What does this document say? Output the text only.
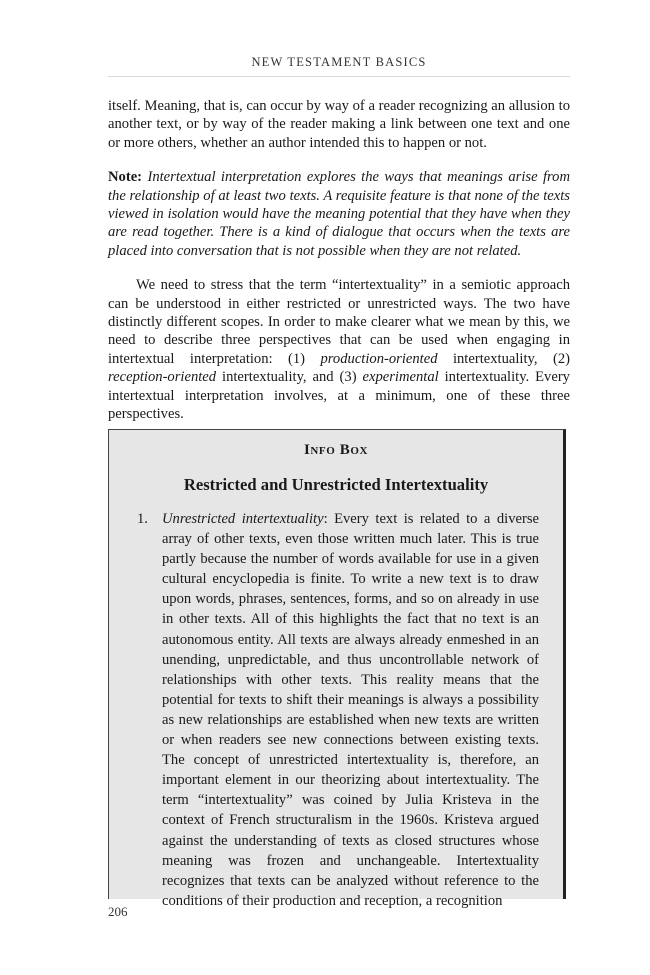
NEW TESTAMENT BASICS

itself. Meaning, that is, can occur by way of a reader recognizing an allusion to another text, or by way of the reader making a link between one text and one or more others, whether an author intended this to happen or not.

Note: Intertextual interpretation explores the ways that meanings arise from the relationship of at least two texts. A requisite feature is that none of the texts viewed in isolation would have the meaning potential that they have when they are read together. There is a kind of dialogue that occurs when the texts are placed into conversation that is not possible when they are not related.

We need to stress that the term “intertextuality” in a semiotic approach can be understood in either restricted or unrestricted ways. The two have distinctly different scopes. In order to make clearer what we mean by this, we need to describe three perspectives that can be used when engaging in intertextual interpretation: (1) production-oriented intertextuality, (2) reception-oriented intertextuality, and (3) experimental intertextuality. Every intertextual interpretation involves, at a minimum, one of these three perspectives.

Info Box
Restricted and Unrestricted Intertextuality
1. Unrestricted intertextuality: Every text is related to a diverse array of other texts, even those written much later. This is true partly because the number of words available for use in a given cultural encyclopedia is finite. To write a new text is to draw upon words, phrases, sentences, forms, and so on already in use in other texts. All of this highlights the fact that no text is an autonomous entity. All texts are always already enmeshed in an unending, unpredictable, and thus uncontrollable network of relationships with other texts. This reality means that the potential for texts to shift their meanings is always a possibility as new relationships are established when new texts are written or when readers see new connections between existing texts. The concept of unrestricted intertextuality is, therefore, an important element in our theorizing about intertextuality. The term “intertextuality” was coined by Julia Kristeva in the context of French structuralism in the 1960s. Kristeva argued against the understanding of texts as closed structures whose meaning was frozen and unchangeable. Intertextuality recognizes that texts can be analyzed without reference to the conditions of their production and reception, a recognition
206
